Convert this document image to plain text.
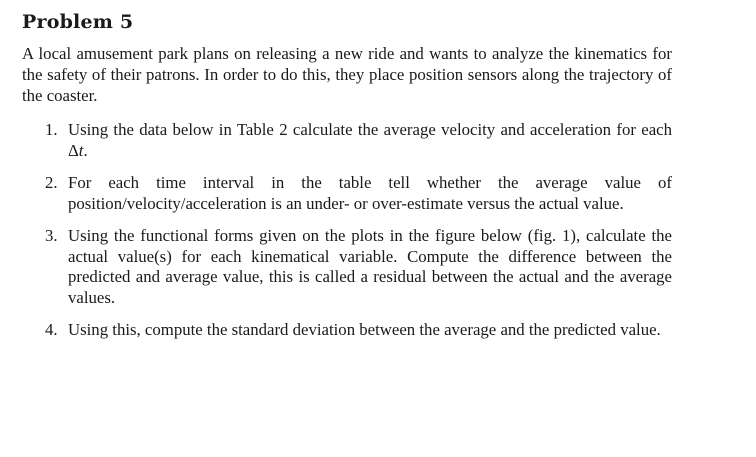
Problem 5

A local amusement park plans on releasing a new ride and wants to analyze the kinematics for the safety of their patrons. In order to do this, they place position sensors along the trajectory of the coaster.

1. Using the data below in Table 2 calculate the average velocity and acceleration for each Δt.
2. For each time interval in the table tell whether the average value of position/velocity/acceleration is an under- or over-estimate versus the actual value.
3. Using the functional forms given on the plots in the figure below (fig. 1), calculate the actual value(s) for each kinematical variable. Compute the difference between the predicted and average value, this is called a residual between the actual and the average values.
4. Using this, compute the standard deviation between the average and the predicted value.
